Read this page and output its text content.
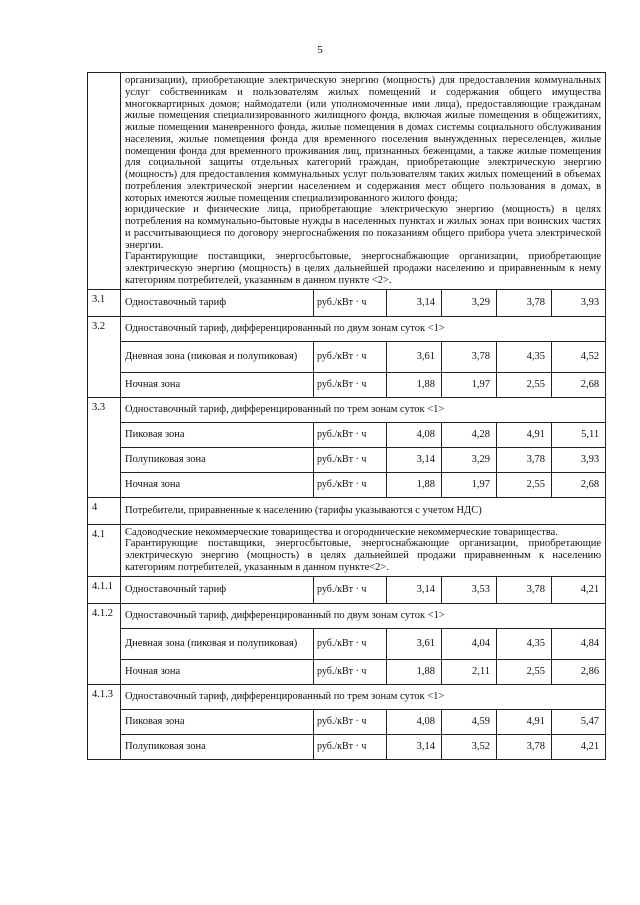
5

	организации), приобретающие электрическую энергию (мощность) для предоставления коммунальных услуг собственникам и пользователям жилых помещений и содержания общего имущества многоквартирных домов; наймодатели (или уполномоченные ими лица), предоставляющие гражданам жилые помещения специализированного жилищного фонда, включая жилые помещения в общежитиях, жилые помещения маневренного фонда, жилые помещения в домах системы социального обслуживания населения, жилые помещения фонда для временного поселения вынужденных переселенцев, жилые помещения фонда для временного проживания лиц, признанных беженцами, а также жилые помещения для социальной защиты отдельных категорий граждан, приобретающие электрическую энергию (мощность) для предоставления коммунальных услуг пользователям таких жилых помещений в объемах потребления электрической энергии населением и содержания мест общего пользования в домах, в которых имеются жилые помещения специализированного жилого фонда;

юридические и физические лица, приобретающие электрическую энергию (мощность) в целях потребления на коммунально-бытовые нужды в населенных пунктах и жилых зонах при воинских частях и рассчитывающиеся по договору энергоснабжения по показаниям общего прибора учета электрической энергии.

Гарантирующие поставщики, энергосбытовые, энергоснабжающие организации, приобретающие электрическую энергию (мощность) в целях дальнейшей продажи населению и приравненным к нему категориям потребителей, указанным в данном пункте <2>.					

3.1	Одноставочный тариф	руб./кВт · ч	3,14	3,29	3,78	3,93
3.2	Одноставочный тариф, дифференцированный по двум зонам суток <1>					
	Дневная зона (пиковая и полупиковая)	руб./кВт · ч	3,61	3,78	4,35	4,52
	Ночная зона	руб./кВт · ч	1,88	1,97	2,55	2,68
3.3	Одноставочный тариф, дифференцированный по трем зонам суток <1>					
	Пиковая зона	руб./кВт · ч	4,08	4,28	4,91	5,11
	Полупиковая зона	руб./кВт · ч	3,14	3,29	3,78	3,93
	Ночная зона	руб./кВт · ч	1,88	1,97	2,55	2,68
4	Потребители, приравненные к населению (тарифы указываются с учетом НДС)					
4.1	Садоводческие некоммерческие товарищества и огороднические некоммерческие товарищества.

Гарантирующие поставщики, энергосбытовые, энергоснабжающие организации, приобретающие электрическую энергию (мощность) в целях дальнейшей продажи приравненным к населению категориям потребителей, указанным в данном пункте<2>.					

4.1.1	Одноставочный тариф	руб./кВт · ч	3,14	3,53	3,78	4,21
4.1.2	Одноставочный тариф, дифференцированный по двум зонам суток <1>					
	Дневная зона (пиковая и полупиковая)	руб./кВт · ч	3,61	4,04	4,35	4,84
	Ночная зона	руб./кВт · ч	1,88	2,11	2,55	2,86
4.1.3	Одноставочный тариф, дифференцированный по трем зонам суток <1>					
	Пиковая зона	руб./кВт · ч	4,08	4,59	4,91	5,47
	Полупиковая зона	руб./кВт · ч	3,14	3,52	3,78	4,21
